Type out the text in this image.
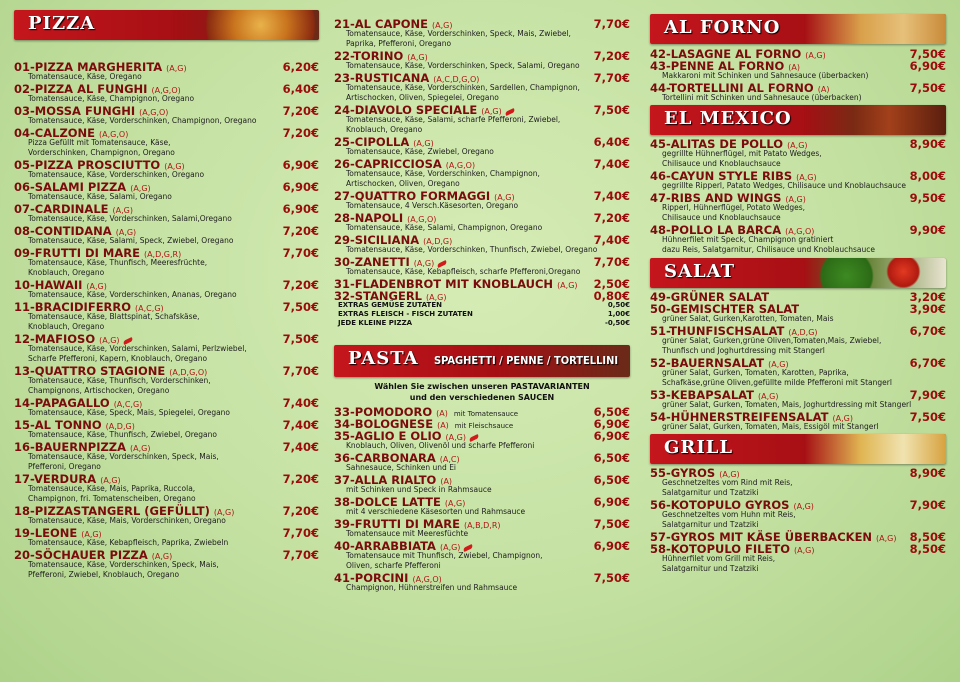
PIZZA
01-PIZZA MARGHERITA (A,G)	6,20€
Tomatensauce, Käse, Oregano
02-PIZZA AL FUNGHI (A,G,O)	6,40€
Tomatensauce, Käse, Champignon, Oregano
03-MOSSA FUNGHI (A,G,O)	7,20€
Tomatensauce, Käse, Vorderschinken, Champignon, Oregano
04-CALZONE (A,G,O)	7,20€
Pizza Gefüllt mit Tomatensauce, Käse,
Vorderschinken, Champignon, Oregano
05-PIZZA PROSCIUTTO (A,G)	6,90€
Tomatensauce, Käse, Vorderschinken, Oregano
06-SALAMI PIZZA (A,G)	6,90€
Tomatensauce, Käse, Salami, Oregano
07-CARDINALE (A,G)	6,90€
Tomatensauce, Käse, Vorderschinken, Salami,Oregano
08-CONTIDANA (A,G)	7,20€
Tomatensauce, Käse, Salami, Speck, Zwiebel, Oregano
09-FRUTTI DI MARE (A,D,G,R)	7,70€
Tomatensauce, Käse, Thunfisch, Meeresfrüchte,
Knoblauch, Oregano
10-HAWAII (A,G)	7,20€
Tomatensauce, Käse, Vorderschinken, Ananas, Oregano
11-BRACIDIFERRO (A,C,G)	7,50€
Tomatensauce, Käse, Blattspinat, Schafskäse,
Knoblauch, Oregano
12-MAFIOSO (A,G)	7,50€
Tomatensauce, Käse, Vorderschinken, Salami, Perlzwiebel,
Scharfe Pfefferoni, Kapern, Knoblauch, Oregano
13-QUATTRO STAGIONE (A,D,G,O)	7,70€
Tomatensauce, Käse, Thunfisch, Vorderschinken,
Champignons, Artischocken, Oregano
14-PAPAGALLO (A,C,G)	7,40€
Tomatensauce, Käse, Speck, Mais, Spiegelei, Oregano
15-AL TONNO (A,D,G)	7,40€
Tomatensauce, Käse, Thunfisch, Zwiebel, Oregano
16-BAUERNPIZZA (A,G)	7,40€
Tomatensauce, Käse, Vorderschinken, Speck, Mais,
Pfefferoni, Oregano
17-VERDURA (A,G)	7,20€
Tomatensauce, Käse, Mais, Paprika, Ruccola,
Champignon, fri. Tomatenscheiben, Oregano
18-PIZZASTANGERL (GEFÜLLT) (A,G)	7,20€
Tomatensauce, Käse, Mais, Vorderschinken, Oregano
19-LEONE (A,G)	7,70€
Tomatensauce, Käse, Kebapfleisch, Paprika, Zwiebeln
20-SÖCHAUER PIZZA (A,G)	7,70€
Tomatensauce, Käse, Vorderschinken, Speck, Mais,
Pfefferoni, Zwiebel, Knoblauch, Oregano
21-AL CAPONE (A,G)	7,70€
Tomatensauce, Käse, Vorderschinken, Speck, Mais, Zwiebel,
Paprika, Pfefferoni, Oregano
22-TORINO (A,G)	7,20€
Tomatensauce, Käse, Vorderschinken, Speck, Salami, Oregano
23-RUSTICANA (A,C,D,G,O)	7,70€
Tomatensauce, Käse, Vorderschinken, Sardellen, Champignon,
Artischocken, Oliven, Spiegelei, Oregano
24-DIAVOLO SPECIALE (A,G)	7,50€
Tomatensauce, Käse, Salami, scharfe Pfefferoni, Zwiebel,
Knoblauch, Oregano
25-CIPOLLA (A,G)	6,40€
Tomatensauce, Käse, Zwiebel, Oregano
26-CAPRICCIOSA (A,G,O)	7,40€
Tomatensauce, Käse, Vorderschinken, Champignon,
Artischocken, Oliven, Oregano
27-QUATTRO FORMAGGI (A,G)	7,40€
Tomatensauce, 4 Versch.Käsesorten, Oregano
28-NAPOLI (A,G,O)	7,20€
Tomatensauce, Käse, Salami, Champignon, Oregano
29-SICILIANA (A,D,G)	7,40€
Tomatensauce, Käse, Vorderschinken, Thunfisch, Zwiebel, Oregano
30-ZANETTI (A,G)	7,70€
Tomatensauce, Käse, Kebapfleisch, scharfe Pfefferoni,Oregano
31-FLADENBROT MIT KNOBLAUCH (A,G) 2,50€
32-STANGERL (A,G)	0,80€
EXTRAS GEMÜSE ZUTATEN	0,50€
EXTRAS FLEISCH - FISCH ZUTATEN	1,00€
JEDE KLEINE PIZZA	-0,50€
PASTA SPAGHETTI / PENNE / TORTELLINI
Wählen Sie zwischen unseren PASTAVARIANTEN
und den verschiedenen SAUCEN
33-POMODORO (A) mit Tomatensauce	6,50€
34-BOLOGNESE (A) mit Fleischsauce	6,90€
35-AGLIO E OLIO (A,G)	6,90€
Knoblauch, Oliven, Olivenöl und scharfe Pfefferoni
36-CARBONARA (A,C)	6,50€
Sahnesauce, Schinken und Ei
37-ALLA RIALTO (A)	6,50€
mit Schinken und Speck in Rahmsauce
38-DOLCE LATTE (A,G)	6,90€
mit 4 verschiedene Käsesorten und Rahmsauce
39-FRUTTI DI MARE (A,B,D,R)	7,50€
Tomatensauce mit Meeresfüchte
40-ARRABBIATA (A,G)	6,90€
Tomatensauce mit Thunfisch, Zwiebel, Champignon,
Oliven, scharfe Pfefferoni
41-PORCINI (A,G,O)	7,50€
Champignon, Hühnerstreifen und Rahmsauce
AL FORNO
42-LASAGNE AL FORNO (A,G)	7,50€
43-PENNE AL FORNO (A)	6,90€
Makkaroni mit Schinken und Sahnesauce (überbacken)
44-TORTELLINI AL FORNO (A)	7,50€
Tortellini mit Schinken und Sahnesauce (überbacken)
EL MEXICO
45-ALITAS DE POLLO (A,G)	8,90€
gegrillte Hühnerflügel, mit Patato Wedges,
Chilisauce und Knoblauchsauce
46-CAYUN STYLE RIBS (A,G)	8,00€
gegrillte Ripperl, Patato Wedges, Chilisauce und Knoblauchsauce
47-RIBS AND WINGS (A,G)	9,50€
Ripperl, Hühnerflügel, Potato Wedges,
Chilisauce und Knoblauchsauce
48-POLLO LA BARCA (A,G,O)	9,90€
Hühnerfilet mit Speck, Champignon gratiniert
dazu Reis, Salatgarnitur, Chilisauce und Knoblauchsauce
SALAT
49-GRÜNER SALAT	3,20€
50-GEMISCHTER SALAT	3,90€
grüner Salat, Gurken,Karotten, Tomaten, Mais
51-THUNFISCHSALAT (A,D,G)	6,70€
grüner Salat, Gurken,grüne Oliven,Tomaten,Mais, Zwiebel,
Thunfisch und Joghurtdressing mit Stangerl
52-BAUERNSALAT (A,G)	6,70€
grüner Salat, Gurken, Tomaten, Karotten, Paprika,
Schafkäse,grüne Oliven,gefüllte milde Pfefferoni mit Stangerl
53-KEBAPSALAT (A,G)	7,90€
grüner Salat, Gurken, Tomaten, Mais, Joghurtdressing mit Stangerl
54-HÜHNERSTREIFENSALAT (A,G)	7,50€
grüner Salat, Gurken, Tomaten, Mais, Essigöl mit Stangerl
GRILL
55-GYROS (A,G)	8,90€
Geschnetzeltes vom Rind mit Reis,
Salatgarnitur und Tzatziki
56-KOTOPULO GYROS (A,G)	7,90€
Geschnetzeltes vom Huhn mit Reis,
Salatgarnitur und Tzatziki
57-GYROS MIT KÄSE ÜBERBACKEN (A,G) 8,50€
58-KOTOPULO FILETO (A,G)	8,50€
Hühnerfilet vom Grill mit Reis,
Salatgarnitur und Tzatziki
